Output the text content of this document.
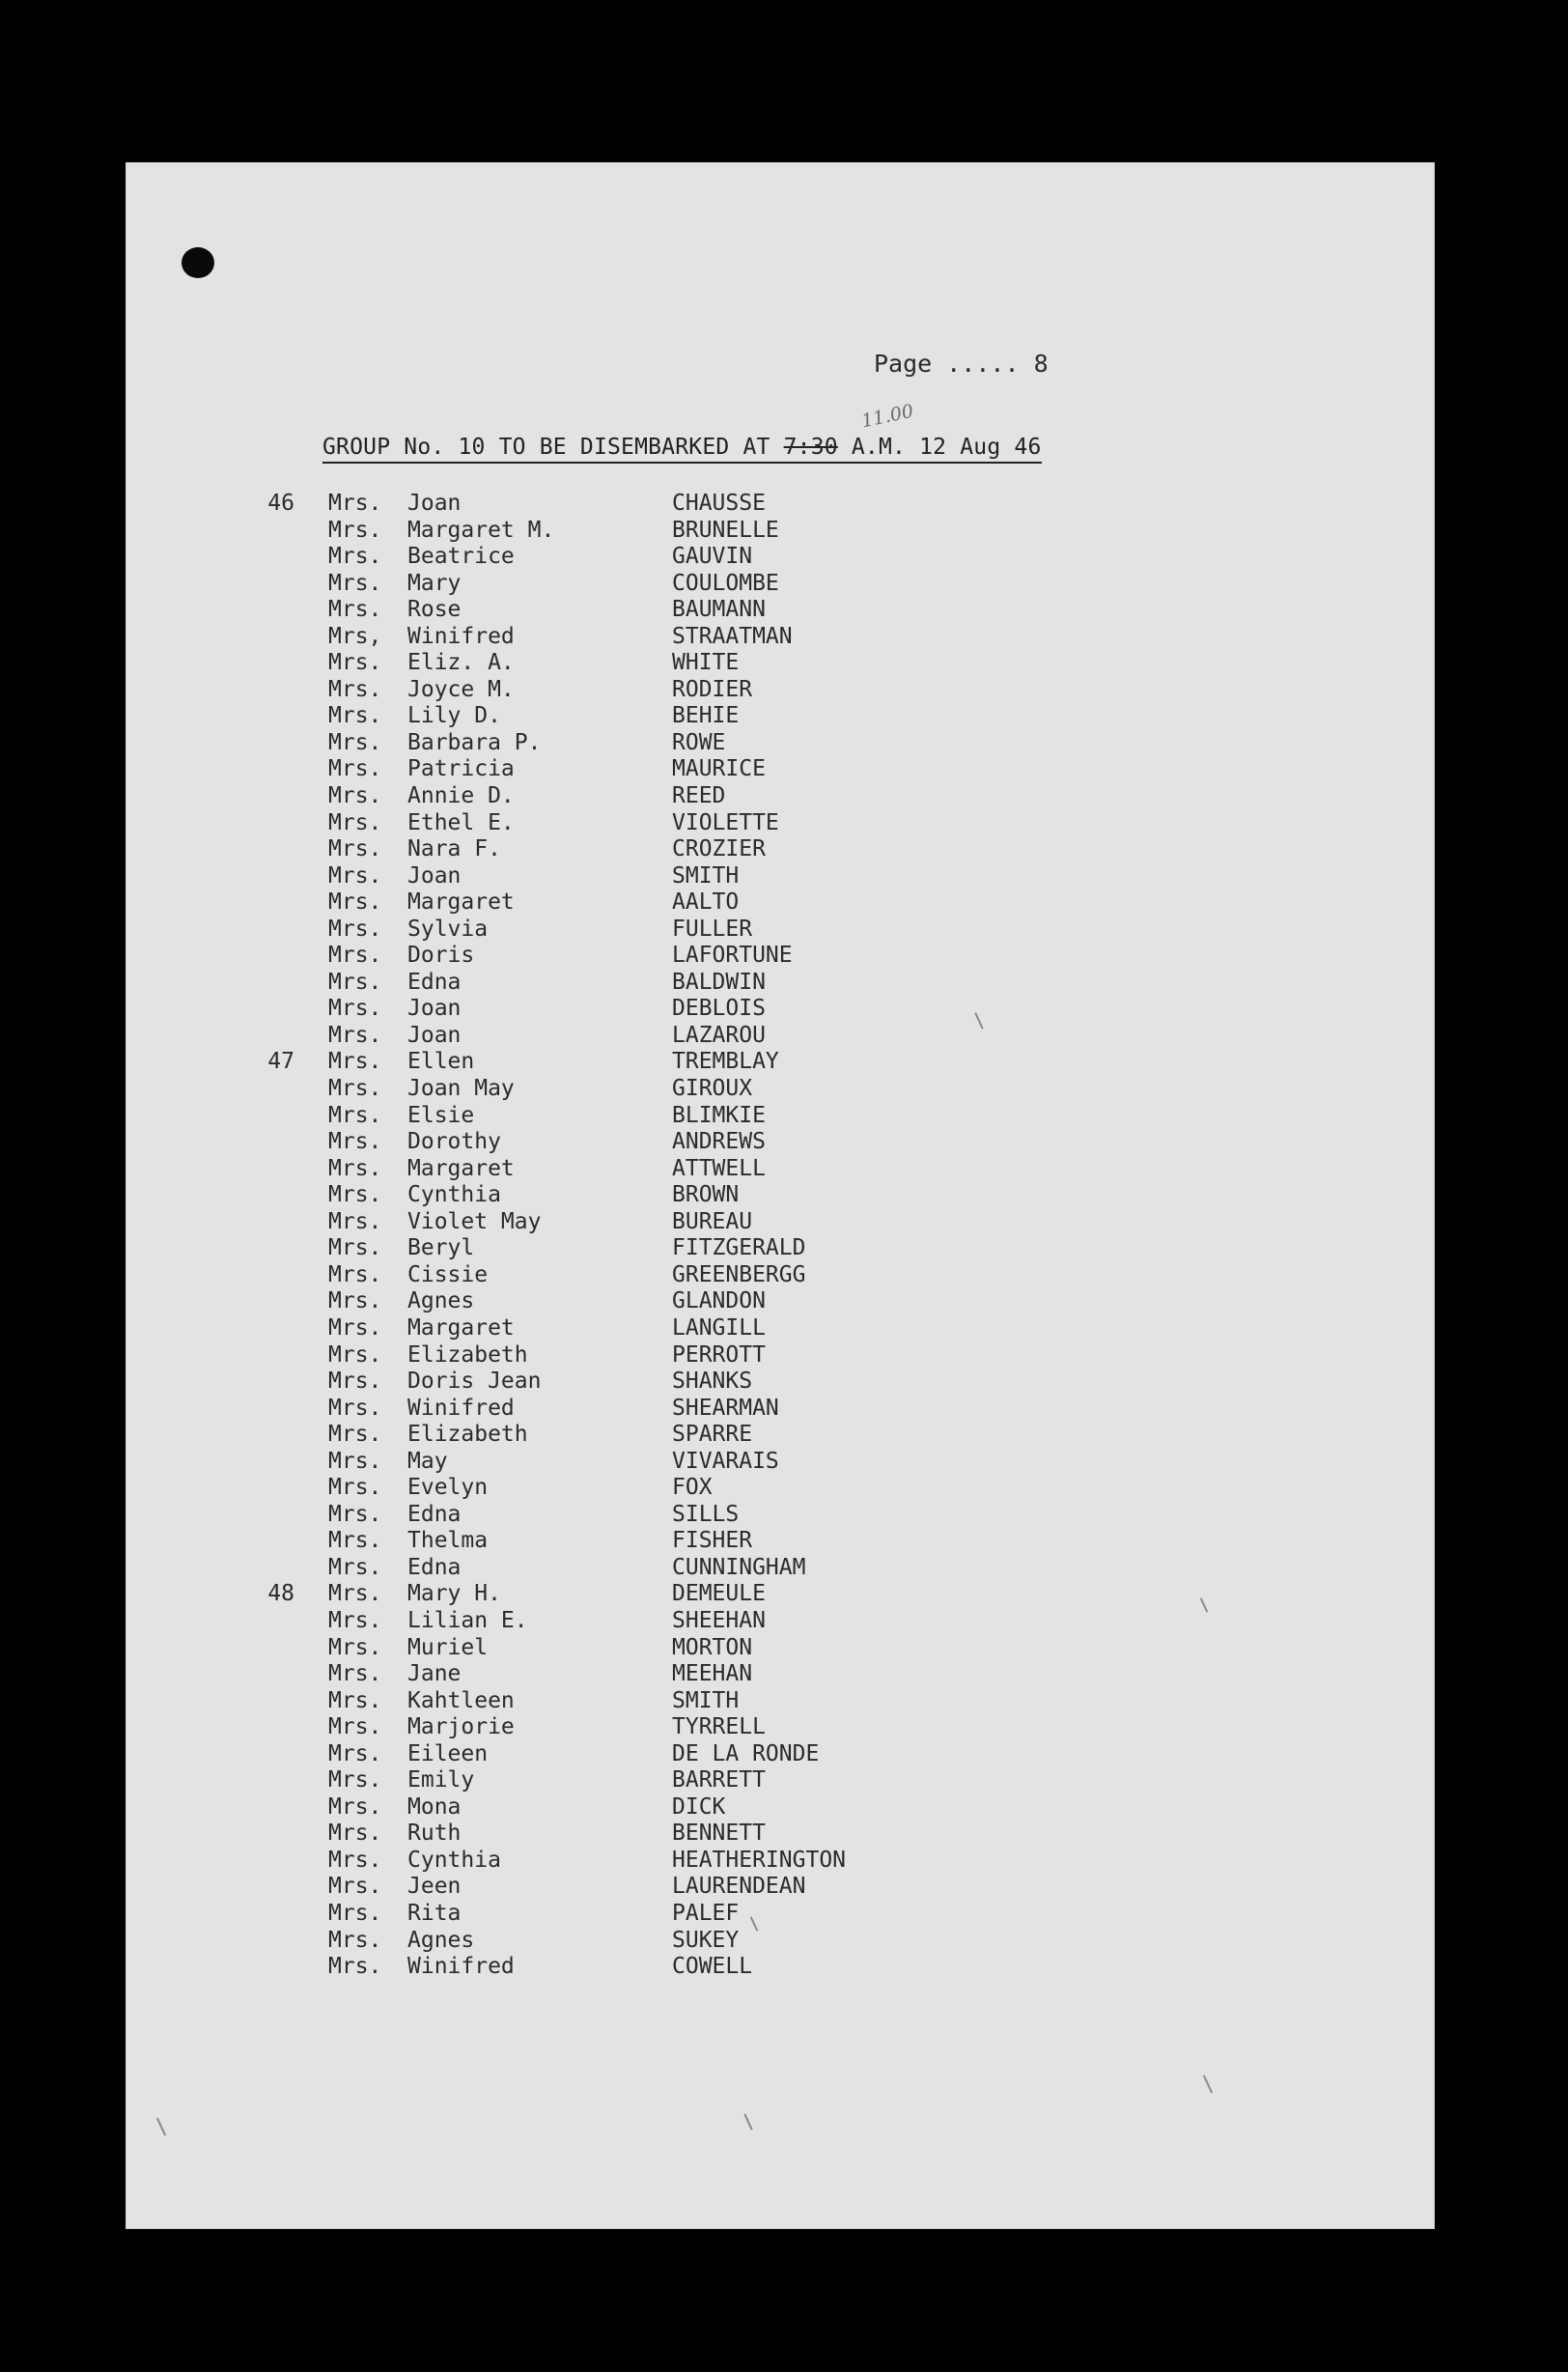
Page ..... 8
11.00
GROUP No. 10 TO BE DISEMBARKED AT 7:30 A.M. 12 Aug 46
46 Mrs. Joan	CHAUSSE
Mrs. Margaret M.	BRUNELLE
Mrs. Beatrice	GAUVIN
Mrs. Mary	COULOMBE
Mrs. Rose	BAUMANN
Mrs, Winifred	STRAATMAN
Mrs. Eliz. A.	WHITE
Mrs. Joyce M.	RODIER
Mrs. Lily D.	BEHIE
Mrs. Barbara P.	ROWE
Mrs. Patricia	MAURICE
Mrs. Annie D.	REED
Mrs. Ethel E.	VIOLETTE
Mrs. Nara F.	CROZIER
Mrs. Joan	SMITH
Mrs. Margaret	AALTO
Mrs. Sylvia	FULLER
Mrs. Doris	LAFORTUNE
Mrs. Edna	BALDWIN
Mrs. Joan	DEBLOIS
Mrs. Joan	LAZAROU
47 Mrs. Ellen	TREMBLAY
Mrs. Joan May	GIROUX
Mrs. Elsie	BLIMKIE
Mrs. Dorothy	ANDREWS
Mrs. Margaret	ATTWELL
Mrs. Cynthia	BROWN
Mrs. Violet May	BUREAU
Mrs. Beryl	FITZGERALD
Mrs. Cissie	GREENBERGG
Mrs. Agnes	GLANDON
Mrs. Margaret	LANGILL
Mrs. Elizabeth	PERROTT
Mrs. Doris Jean	SHANKS
Mrs. Winifred	SHEARMAN
Mrs. Elizabeth	SPARRE
Mrs. May	VIVARAIS
Mrs. Evelyn	FOX
Mrs. Edna	SILLS
Mrs. Thelma	FISHER
Mrs. Edna	CUNNINGHAM
48 Mrs. Mary H.	DEMEULE
Mrs. Lilian E.	SHEEHAN
Mrs. Muriel	MORTON
Mrs. Jane	MEEHAN
Mrs. Kahtleen	SMITH
Mrs. Marjorie	TYRRELL
Mrs. Eileen	DE LA RONDE
Mrs. Emily	BARRETT
Mrs. Mona	DICK
Mrs. Ruth	BENNETT
Mrs. Cynthia	HEATHERINGTON
Mrs. Jeen	LAURENDEAN
Mrs. Rita	PALEF
Mrs. Agnes	SUKEY
Mrs. Winifred	COWELL
